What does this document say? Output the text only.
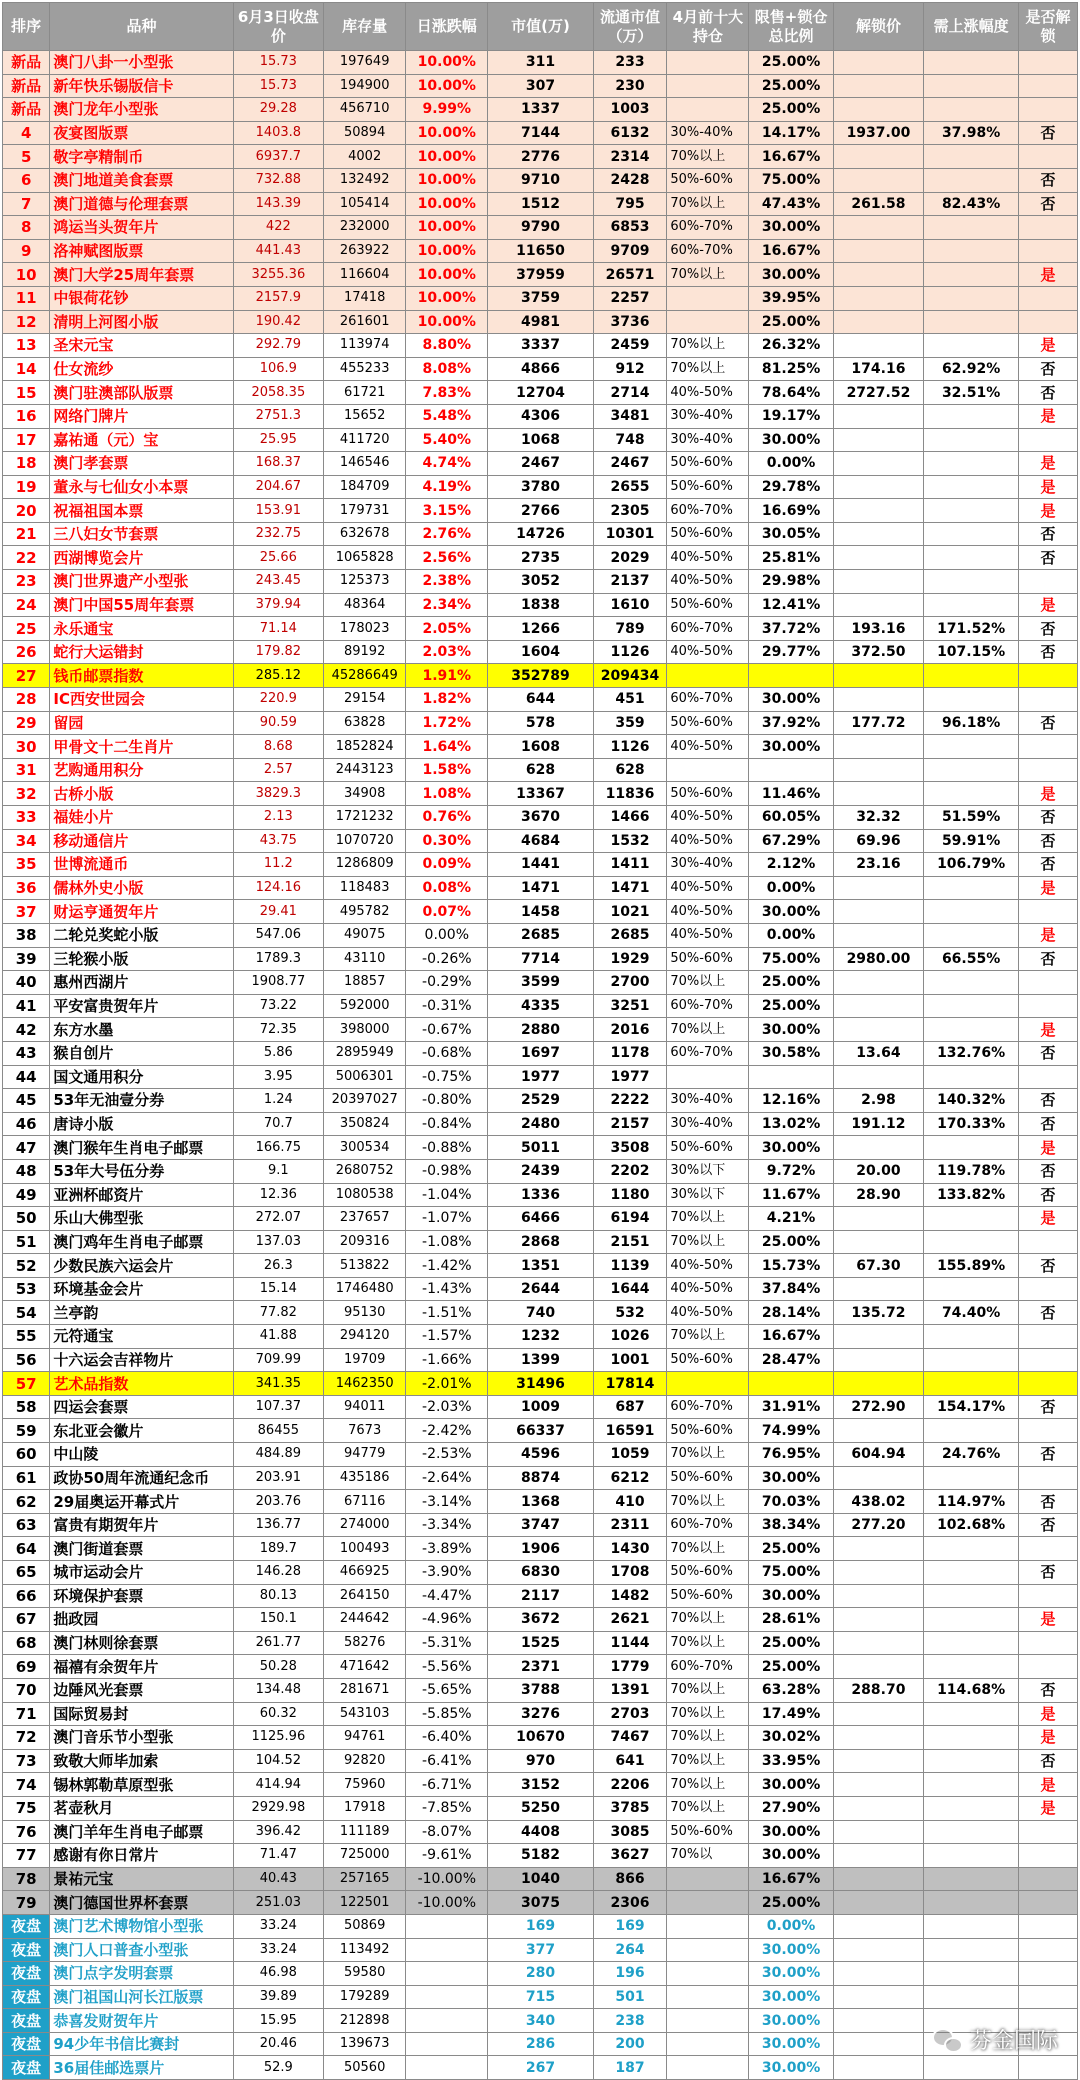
排序	品种	6月3日收盘价	库存量	日涨跌幅	市值(万)	流通市值（万）	4月前十大持仓	限售+锁仓总比例	解锁价	需上涨幅度	是否解锁
新品	澳门八卦一小型张	15.73	197649	10.00%	311	233		25.00%			
新品	新年快乐锡版信卡	15.73	194900	10.00%	307	230		25.00%			
新品	澳门龙年小型张	29.28	456710	9.99%	1337	1003		25.00%			
4	夜宴图版票	1403.8	50894	10.00%	7144	6132	30%-40%	14.17%	1937.00	37.98%	否
5	敬字亭精制币	6937.7	4002	10.00%	2776	2314	70%以上	16.67%			
6	澳门地道美食套票	732.88	132492	10.00%	9710	2428	50%-60%	75.00%			否
7	澳门道德与伦理套票	143.39	105414	10.00%	1512	795	70%以上	47.43%	261.58	82.43%	否
8	鸿运当头贺年片	422	232000	10.00%	9790	6853	60%-70%	30.00%			
9	洛神赋图版票	441.43	263922	10.00%	11650	9709	60%-70%	16.67%			
10	澳门大学25周年套票	3255.36	116604	10.00%	37959	26571	70%以上	30.00%			是
11	中银荷花钞	2157.9	17418	10.00%	3759	2257		39.95%			
12	清明上河图小版	190.42	261601	10.00%	4981	3736		25.00%			
13	圣宋元宝	292.79	113974	8.80%	3337	2459	70%以上	26.32%			是
14	仕女流纱	106.9	455233	8.08%	4866	912	70%以上	81.25%	174.16	62.92%	否
15	澳门驻澳部队版票	2058.35	61721	7.83%	12704	2714	40%-50%	78.64%	2727.52	32.51%	否
16	网络门牌片	2751.3	15652	5.48%	4306	3481	30%-40%	19.17%			是
17	嘉祐通（元）宝	25.95	411720	5.40%	1068	748	30%-40%	30.00%			
18	澳门孝套票	168.37	146546	4.74%	2467	2467	50%-60%	0.00%			是
19	董永与七仙女小本票	204.67	184709	4.19%	3780	2655	50%-60%	29.78%			是
20	祝福祖国本票	153.91	179731	3.15%	2766	2305	60%-70%	16.69%			是
21	三八妇女节套票	232.75	632678	2.76%	14726	10301	50%-60%	30.05%			否
22	西湖博览会片	25.66	1065828	2.56%	2735	2029	40%-50%	25.81%			否
23	澳门世界遗产小型张	243.45	125373	2.38%	3052	2137	40%-50%	29.98%			
24	澳门中国55周年套票	379.94	48364	2.34%	1838	1610	50%-60%	12.41%			是
25	永乐通宝	71.14	178023	2.05%	1266	789	60%-70%	37.72%	193.16	171.52%	否
26	蛇行大运错封	179.82	89192	2.03%	1604	1126	40%-50%	29.77%	372.50	107.15%	否
27	钱币邮票指数	285.12	45286649	1.91%	352789	209434					
28	IC西安世园会	220.9	29154	1.82%	644	451	60%-70%	30.00%			
29	留园	90.59	63828	1.72%	578	359	50%-60%	37.92%	177.72	96.18%	否
30	甲骨文十二生肖片	8.68	1852824	1.64%	1608	1126	40%-50%	30.00%			
31	艺购通用积分	2.57	2443123	1.58%	628	628					
32	古桥小版	3829.3	34908	1.08%	13367	11836	50%-60%	11.46%			是
33	福娃小片	2.13	1721232	0.76%	3670	1466	40%-50%	60.05%	32.32	51.59%	否
34	移动通信片	43.75	1070720	0.30%	4684	1532	40%-50%	67.29%	69.96	59.91%	否
35	世博流通币	11.2	1286809	0.09%	1441	1411	30%-40%	2.12%	23.16	106.79%	否
36	儒林外史小版	124.16	118483	0.08%	1471	1471	40%-50%	0.00%			是
37	财运亨通贺年片	29.41	495782	0.07%	1458	1021	40%-50%	30.00%			
38	二轮兑奖蛇小版	547.06	49075	0.00%	2685	2685	40%-50%	0.00%			是
39	三轮猴小版	1789.3	43110	-0.26%	7714	1929	50%-60%	75.00%	2980.00	66.55%	否
40	惠州西湖片	1908.77	18857	-0.29%	3599	2700	70%以上	25.00%			
41	平安富贵贺年片	73.22	592000	-0.31%	4335	3251	60%-70%	25.00%			
42	东方水墨	72.35	398000	-0.67%	2880	2016	70%以上	30.00%			是
43	猴自创片	5.86	2895949	-0.68%	1697	1178	60%-70%	30.58%	13.64	132.76%	否
44	国文通用积分	3.95	5006301	-0.75%	1977	1977					
45	53年无油壹分券	1.24	20397027	-0.80%	2529	2222	30%-40%	12.16%	2.98	140.32%	否
46	唐诗小版	70.7	350824	-0.84%	2480	2157	30%-40%	13.02%	191.12	170.33%	否
47	澳门猴年生肖电子邮票	166.75	300534	-0.88%	5011	3508	50%-60%	30.00%			是
48	53年大号伍分券	9.1	2680752	-0.98%	2439	2202	30%以下	9.72%	20.00	119.78%	否
49	亚洲杯邮资片	12.36	1080538	-1.04%	1336	1180	30%以下	11.67%	28.90	133.82%	否
50	乐山大佛型张	272.07	237657	-1.07%	6466	6194	70%以上	4.21%			是
51	澳门鸡年生肖电子邮票	137.03	209316	-1.08%	2868	2151	70%以上	25.00%			
52	少数民族六运会片	26.3	513822	-1.42%	1351	1139	40%-50%	15.73%	67.30	155.89%	否
53	环境基金会片	15.14	1746480	-1.43%	2644	1644	40%-50%	37.84%			
54	兰亭韵	77.82	95130	-1.51%	740	532	40%-50%	28.14%	135.72	74.40%	否
55	元符通宝	41.88	294120	-1.57%	1232	1026	70%以上	16.67%			
56	十六运会吉祥物片	709.99	19709	-1.66%	1399	1001	50%-60%	28.47%			
57	艺术品指数	341.35	1462350	-2.01%	31496	17814					
58	四运会套票	107.37	94011	-2.03%	1009	687	60%-70%	31.91%	272.90	154.17%	否
59	东北亚会徽片	86455	7673	-2.42%	66337	16591	50%-60%	74.99%			
60	中山陵	484.89	94779	-2.53%	4596	1059	70%以上	76.95%	604.94	24.76%	否
61	政协50周年流通纪念币	203.91	435186	-2.64%	8874	6212	50%-60%	30.00%			
62	29届奥运开幕式片	203.76	67116	-3.14%	1368	410	70%以上	70.03%	438.02	114.97%	否
63	富贵有期贺年片	136.77	274000	-3.34%	3747	2311	60%-70%	38.34%	277.20	102.68%	否
64	澳门街道套票	189.7	100493	-3.89%	1906	1430	70%以上	25.00%			
65	城市运动会片	146.28	466925	-3.90%	6830	1708	50%-60%	75.00%			否
66	环境保护套票	80.13	264150	-4.47%	2117	1482	50%-60%	30.00%			
67	拙政园	150.1	244642	-4.96%	3672	2621	70%以上	28.61%			是
68	澳门林则徐套票	261.77	58276	-5.31%	1525	1144	70%以上	25.00%			
69	福禧有余贺年片	50.28	471642	-5.56%	2371	1779	60%-70%	25.00%			
70	边陲风光套票	134.48	281671	-5.65%	3788	1391	70%以上	63.28%	288.70	114.68%	否
71	国际贸易封	60.32	543103	-5.85%	3276	2703	70%以上	17.49%			是
72	澳门音乐节小型张	1125.96	94761	-6.40%	10670	7467	70%以上	30.02%			是
73	致敬大师毕加索	104.52	92820	-6.41%	970	641	70%以上	33.95%			否
74	锡林郭勒草原型张	414.94	75960	-6.71%	3152	2206	70%以上	30.00%			是
75	茗壶秋月	2929.98	17918	-7.85%	5250	3785	70%以上	27.90%			是
76	澳门羊年生肖电子邮票	396.42	111189	-8.07%	4408	3085	50%-60%	30.00%			
77	感谢有你日常片	71.47	725000	-9.61%	5182	3627	70%以	30.00%			
78	景祐元宝	40.43	257165	-10.00%	1040	866		16.67%			
79	澳门德国世界杯套票	251.03	122501	-10.00%	3075	2306		25.00%			
夜盘	澳门艺术博物馆小型张	33.24	50869		169	169		0.00%			
夜盘	澳门人口普查小型张	33.24	113492		377	264		30.00%			
夜盘	澳门点字发明套票	46.98	59580		280	196		30.00%			
夜盘	澳门祖国山河长江版票	39.89	179289		715	501		30.00%			
夜盘	恭喜发财贺年片	15.95	212898		340	238		30.00%			
夜盘	94少年书信比赛封	20.46	139673		286	200		30.00%			
夜盘	36届佳邮选票片	52.9	50560		267	187		30.00%				芬金国际
